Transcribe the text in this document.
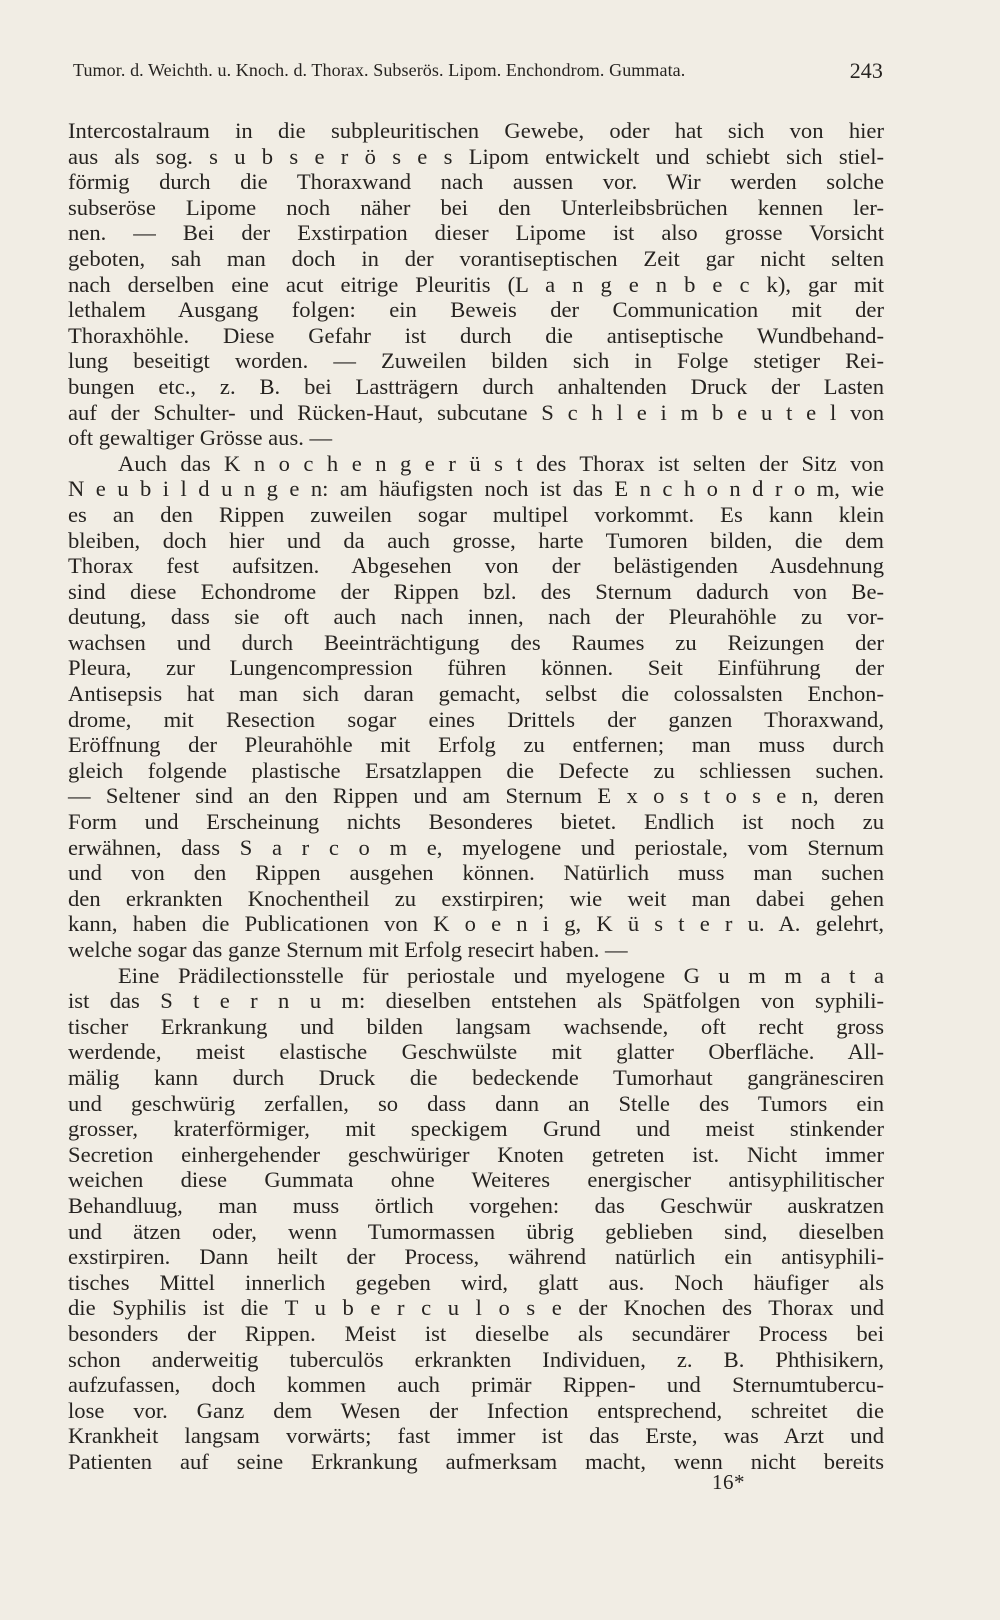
Tumor. d. Weichth. u. Knoch. d. Thorax. Subserös. Lipom. Enchondrom. Gummata.	243
Intercostalraum in die subpleuritischen Gewebe, oder hat sich von hier
aus als sog. s u b s e r ö s e s Lipom entwickelt und schiebt sich stiel-
förmig durch die Thoraxwand nach aussen vor. Wir werden solche
subseröse Lipome noch näher bei den Unterleibsbrüchen kennen ler-
nen. — Bei der Exstirpation dieser Lipome ist also grosse Vorsicht
geboten, sah man doch in der vorantiseptischen Zeit gar nicht selten
nach derselben eine acut eitrige Pleuritis (L a n g e n b e c k), gar mit
lethalem Ausgang folgen: ein Beweis der Communication mit der
Thoraxhöhle. Diese Gefahr ist durch die antiseptische Wundbehand-
lung beseitigt worden. — Zuweilen bilden sich in Folge stetiger Rei-
bungen etc., z. B. bei Lastträgern durch anhaltenden Druck der Lasten
auf der Schulter- und Rücken-Haut, subcutane S c h l e i m b e u t e l von
oft gewaltiger Grösse aus. —
Auch das K n o c h e n g e r ü s t des Thorax ist selten der Sitz von
N e u b i l d u n g e n: am häufigsten noch ist das E n c h o n d r o m, wie
es an den Rippen zuweilen sogar multipel vorkommt. Es kann klein
bleiben, doch hier und da auch grosse, harte Tumoren bilden, die dem
Thorax fest aufsitzen. Abgesehen von der belästigenden Ausdehnung
sind diese Echondrome der Rippen bzl. des Sternum dadurch von Be-
deutung, dass sie oft auch nach innen, nach der Pleurahöhle zu vor-
wachsen und durch Beeinträchtigung des Raumes zu Reizungen der
Pleura, zur Lungencompression führen können. Seit Einführung der
Antisepsis hat man sich daran gemacht, selbst die colossalsten Enchon-
drome, mit Resection sogar eines Drittels der ganzen Thoraxwand,
Eröffnung der Pleurahöhle mit Erfolg zu entfernen; man muss durch
gleich folgende plastische Ersatzlappen die Defecte zu schliessen suchen.
— Seltener sind an den Rippen und am Sternum E x o s t o s e n, deren
Form und Erscheinung nichts Besonderes bietet. Endlich ist noch zu
erwähnen, dass S a r c o m e, myelogene und periostale, vom Sternum
und von den Rippen ausgehen können. Natürlich muss man suchen
den erkrankten Knochentheil zu exstirpiren; wie weit man dabei gehen
kann, haben die Publicationen von K o e n i g, K ü s t e r u. A. gelehrt,
welche sogar das ganze Sternum mit Erfolg resecirt haben. —
Eine Prädilectionsstelle für periostale und myelogene G u m m a t a
ist das S t e r n u m: dieselben entstehen als Spätfolgen von syphili-
tischer Erkrankung und bilden langsam wachsende, oft recht gross
werdende, meist elastische Geschwülste mit glatter Oberfläche. All-
mälig kann durch Druck die bedeckende Tumorhaut gangränesciren
und geschwürig zerfallen, so dass dann an Stelle des Tumors ein
grosser, kraterförmiger, mit speckigem Grund und meist stinkender
Secretion einhergehender geschwüriger Knoten getreten ist. Nicht immer
weichen diese Gummata ohne Weiteres energischer antisyphilitischer
Behandluug, man muss örtlich vorgehen: das Geschwür auskratzen
und ätzen oder, wenn Tumormassen übrig geblieben sind, dieselben
exstirpiren. Dann heilt der Process, während natürlich ein antisyphili-
tisches Mittel innerlich gegeben wird, glatt aus. Noch häufiger als
die Syphilis ist die T u b e r c u l o s e der Knochen des Thorax und
besonders der Rippen. Meist ist dieselbe als secundärer Process bei
schon anderweitig tuberculös erkrankten Individuen, z. B. Phthisikern,
aufzufassen, doch kommen auch primär Rippen- und Sternumtubercu-
lose vor. Ganz dem Wesen der Infection entsprechend, schreitet die
Krankheit langsam vorwärts; fast immer ist das Erste, was Arzt und
Patienten auf seine Erkrankung aufmerksam macht, wenn nicht bereits
16*
